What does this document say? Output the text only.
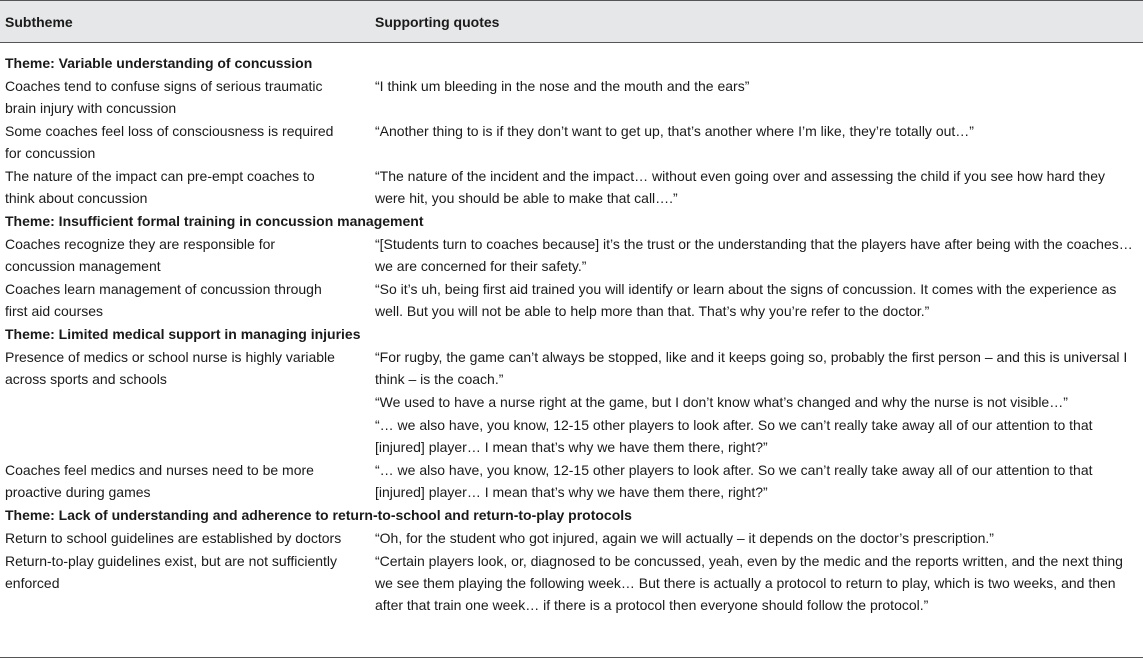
Subtheme	Supporting quotes
Theme: Variable understanding of concussion
Coaches tend to confuse signs of serious traumatic brain injury with concussion
“I think um bleeding in the nose and the mouth and the ears”
Some coaches feel loss of consciousness is required for concussion
“Another thing to is if they don’t want to get up, that’s another where I’m like, they’re totally out…”
The nature of the impact can pre-empt coaches to think about concussion
“The nature of the incident and the impact… without even going over and assessing the child if you see how hard they were hit, you should be able to make that call….”
Theme: Insufficient formal training in concussion management
Coaches recognize they are responsible for concussion management
“[Students turn to coaches because] it’s the trust or the understanding that the players have after being with the coaches… we are concerned for their safety.”
Coaches learn management of concussion through first aid courses
“So it’s uh, being first aid trained you will identify or learn about the signs of concussion. It comes with the experience as well. But you will not be able to help more than that. That’s why you’re refer to the doctor.”
Theme: Limited medical support in managing injuries
Presence of medics or school nurse is highly variable across sports and schools
“For rugby, the game can’t always be stopped, like and it keeps going so, probably the first person – and this is universal I think – is the coach.”
“We used to have a nurse right at the game, but I don’t know what’s changed and why the nurse is not visible…”
“… we also have, you know, 12-15 other players to look after. So we can’t really take away all of our attention to that [injured] player… I mean that’s why we have them there, right?”
Coaches feel medics and nurses need to be more proactive during games
“… we also have, you know, 12-15 other players to look after. So we can’t really take away all of our attention to that [injured] player… I mean that’s why we have them there, right?”
Theme: Lack of understanding and adherence to return-to-school and return-to-play protocols
Return to school guidelines are established by doctors	“Oh, for the student who got injured, again we will actually – it depends on the doctor’s prescription.”
Return-to-play guidelines exist, but are not sufficiently enforced
“Certain players look, or, diagnosed to be concussed, yeah, even by the medic and the reports written, and the next thing we see them playing the following week… But there is actually a protocol to return to play, which is two weeks, and then after that train one week… if there is a protocol then everyone should follow the protocol.”
